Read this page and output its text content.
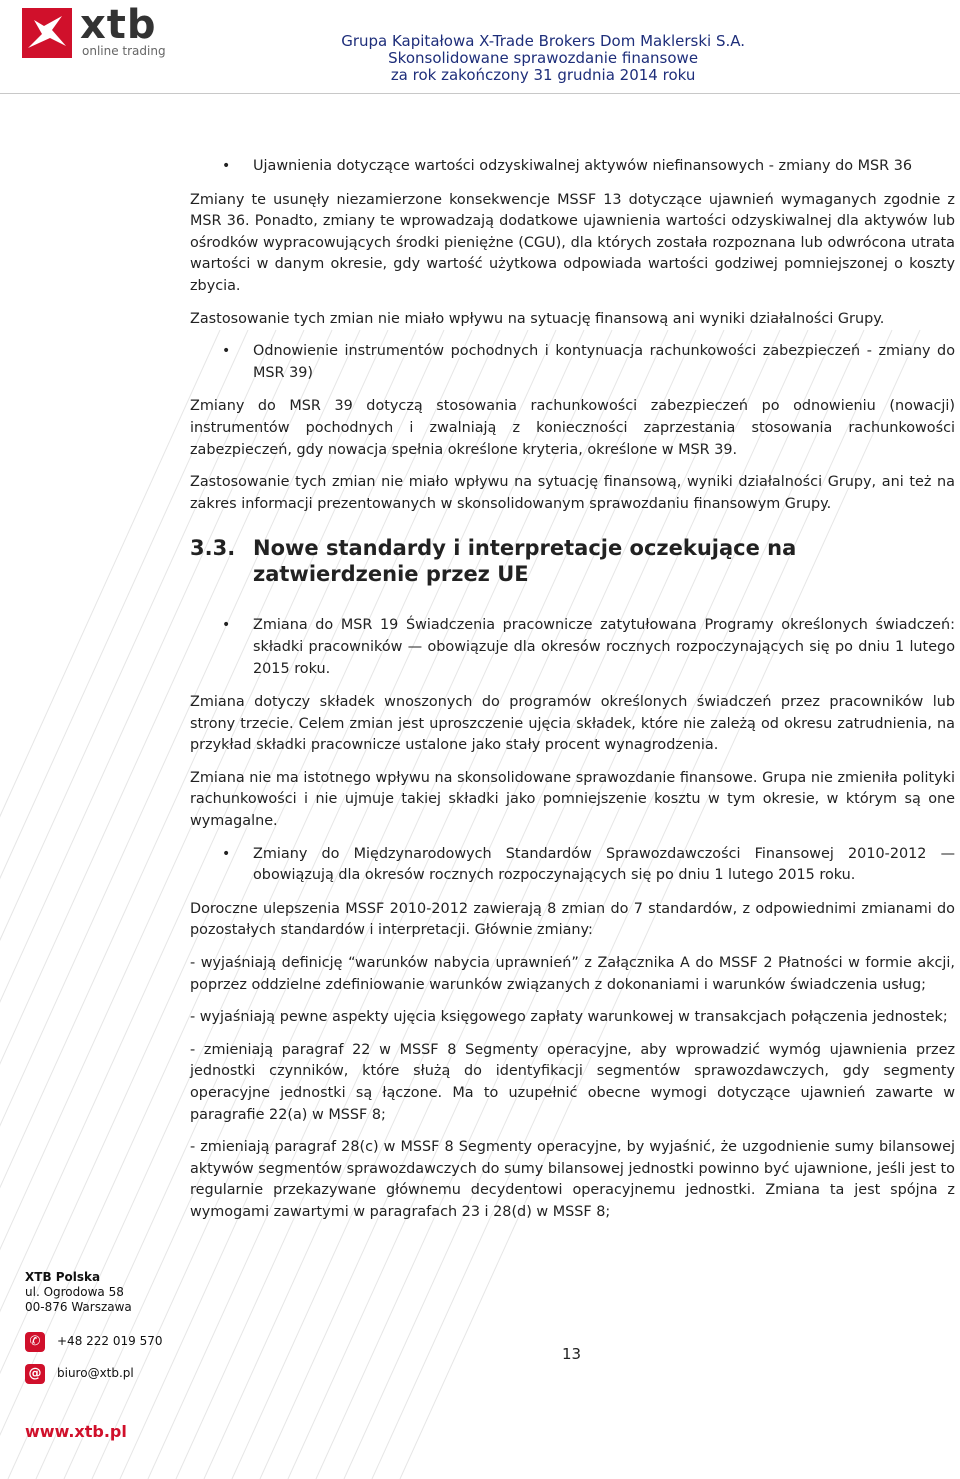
xtb
online trading
Grupa Kapitałowa X-Trade Brokers Dom Maklerski S.A.
Skonsolidowane sprawozdanie finansowe
za rok zakończony 31 grudnia 2014 roku
• Ujawnienia dotyczące wartości odzyskiwalnej aktywów niefinansowych - zmiany do MSR 36

Zmiany te usunęły niezamierzone konsekwencje MSSF 13 dotyczące ujawnień wymaganych zgodnie z MSR 36. Ponadto, zmiany te wprowadzają dodatkowe ujawnienia wartości odzyskiwalnej dla aktywów lub ośrodków wypracowujących środki pieniężne (CGU), dla których została rozpoznana lub odwrócona utrata wartości w danym okresie, gdy wartość użytkowa odpowiada wartości godziwej pomniejszonej o koszty zbycia.

Zastosowanie tych zmian nie miało wpływu na sytuację finansową ani wyniki działalności Grupy.

• Odnowienie instrumentów pochodnych i kontynuacja rachunkowości zabezpieczeń - zmiany do MSR 39)

Zmiany do MSR 39 dotyczą stosowania rachunkowości zabezpieczeń po odnowieniu (nowacji) instrumentów pochodnych i zwalniają z konieczności zaprzestania stosowania rachunkowości zabezpieczeń, gdy nowacja spełnia określone kryteria, określone w MSR 39.

Zastosowanie tych zmian nie miało wpływu na sytuację finansową, wyniki działalności Grupy, ani też na zakres informacji prezentowanych w skonsolidowanym sprawozdaniu finansowym Grupy.

3.3. Nowe standardy i interpretacje oczekujące na zatwierdzenie przez UE
• Zmiana do MSR 19 Świadczenia pracownicze zatytułowana Programy określonych świadczeń: składki pracowników — obowiązuje dla okresów rocznych rozpoczynających się po dniu 1 lutego 2015 roku.

Zmiana dotyczy składek wnoszonych do programów określonych świadczeń przez pracowników lub strony trzecie. Celem zmian jest uproszczenie ujęcia składek, które nie zależą od okresu zatrudnienia, na przykład składki pracownicze ustalone jako stały procent wynagrodzenia.

Zmiana nie ma istotnego wpływu na skonsolidowane sprawozdanie finansowe. Grupa nie zmieniła polityki rachunkowości i nie ujmuje takiej składki jako pomniejszenie kosztu w tym okresie, w którym są one wymagalne.

• Zmiany do Międzynarodowych Standardów Sprawozdawczości Finansowej 2010-2012 — obowiązują dla okresów rocznych rozpoczynających się po dniu 1 lutego 2015 roku.

Doroczne ulepszenia MSSF 2010-2012 zawierają 8 zmian do 7 standardów, z odpowiednimi zmianami do pozostałych standardów i interpretacji. Głównie zmiany:

- wyjaśniają definicję “warunków nabycia uprawnień” z Załącznika A do MSSF 2 Płatności w formie akcji, poprzez oddzielne zdefiniowanie warunków związanych z dokonaniami i warunków świadczenia usług;

- wyjaśniają pewne aspekty ujęcia księgowego zapłaty warunkowej w transakcjach połączenia jednostek;

- zmieniają paragraf 22 w MSSF 8 Segmenty operacyjne, aby wprowadzić wymóg ujawnienia przez jednostki czynników, które służą do identyfikacji segmentów sprawozdawczych, gdy segmenty operacyjne jednostki są łączone. Ma to uzupełnić obecne wymogi dotyczące ujawnień zawarte w paragrafie 22(a) w MSSF 8;

- zmieniają paragraf 28(c) w MSSF 8 Segmenty operacyjne, by wyjaśnić, że uzgodnienie sumy bilansowej aktywów segmentów sprawozdawczych do sumy bilansowej jednostki powinno być ujawnione, jeśli jest to regularnie przekazywane głównemu decydentowi operacyjnemu jednostki. Zmiana ta jest spójna z wymogami zawartymi w paragrafach 23 i 28(d) w MSSF 8;

XTB Polska
ul. Ogrodowa 58
00-876 Warszawa
✆	+48 222 019 570
@ biuro@xtb.pl
www.xtb.pl
13
